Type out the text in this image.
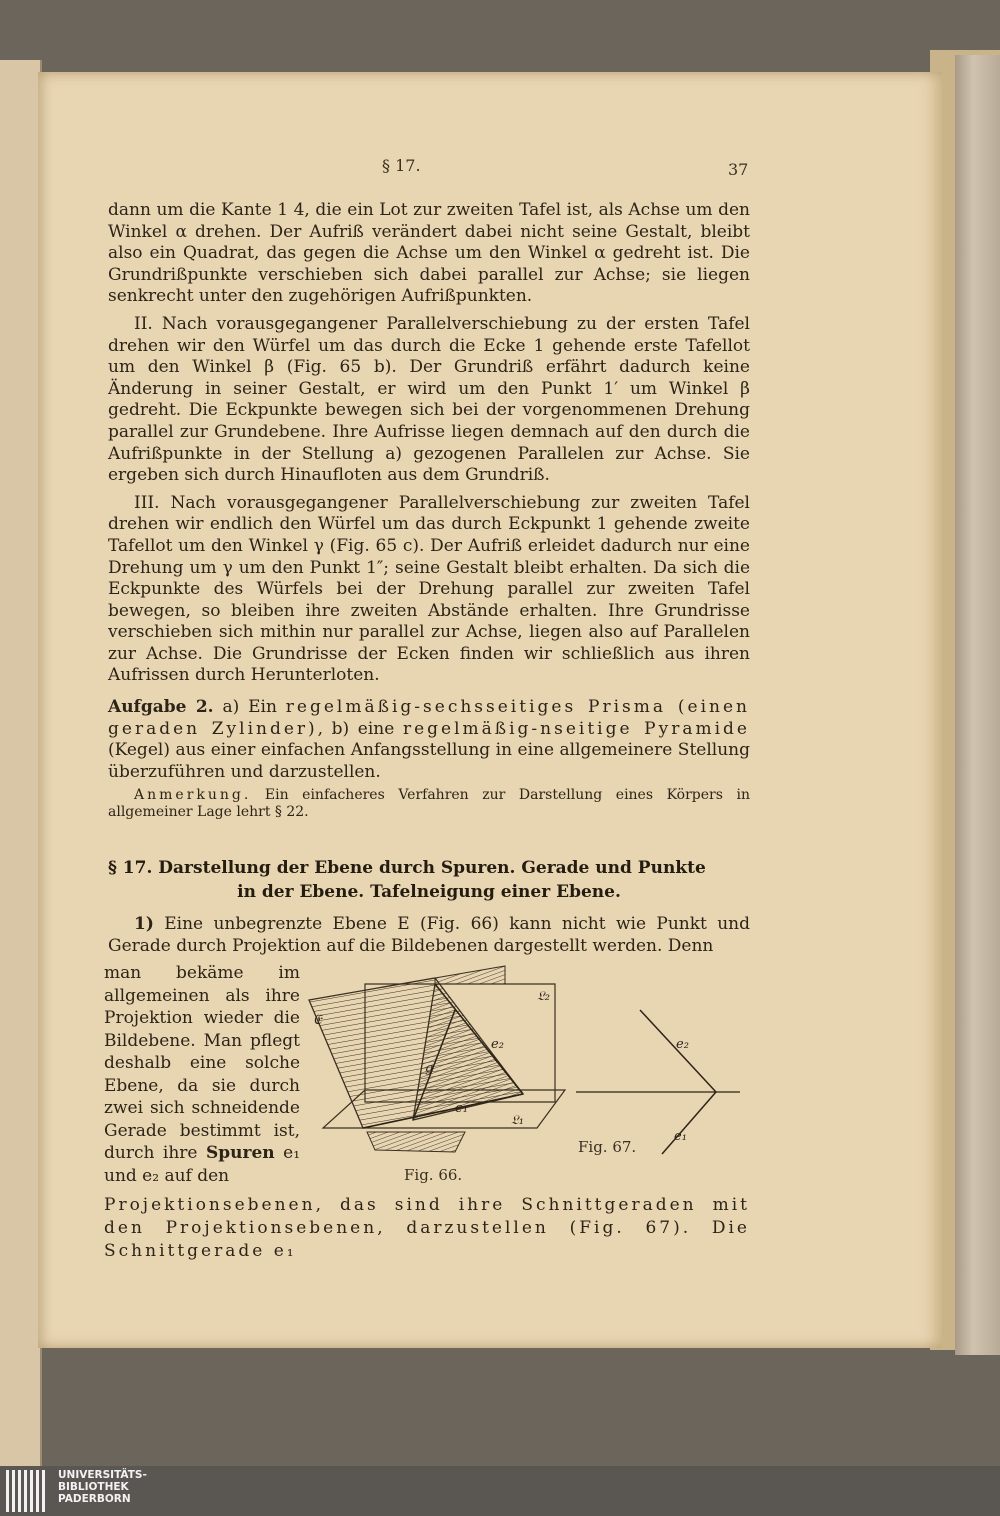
§ 17.	37

dann um die Kante 1 4, die ein Lot zur zweiten Tafel ist, als Achse um den Winkel α drehen. Der Aufriß verändert dabei nicht seine Gestalt, bleibt also ein Quadrat, das gegen die Achse um den Winkel α gedreht ist. Die Grundrißpunkte verschieben sich dabei parallel zur Achse; sie liegen senkrecht unter den zugehörigen Aufrißpunkten.

II. Nach vorausgegangener Parallelverschiebung zu der ersten Tafel drehen wir den Würfel um das durch die Ecke 1 gehende erste Tafellot um den Winkel β (Fig. 65 b). Der Grundriß erfährt dadurch keine Änderung in seiner Gestalt, er wird um den Punkt 1′ um Winkel β gedreht. Die Eckpunkte bewegen sich bei der vorgenommenen Drehung parallel zur Grundebene. Ihre Aufrisse liegen demnach auf den durch die Aufrißpunkte in der Stellung a) gezogenen Parallelen zur Achse. Sie ergeben sich durch Hinaufloten aus dem Grundriß.

III. Nach vorausgegangener Parallelverschiebung zur zweiten Tafel drehen wir endlich den Würfel um das durch Eckpunkt 1 gehende zweite Tafellot um den Winkel γ (Fig. 65 c). Der Aufriß erleidet dadurch nur eine Drehung um γ um den Punkt 1″; seine Gestalt bleibt erhalten. Da sich die Eckpunkte des Würfels bei der Drehung parallel zur zweiten Tafel bewegen, so bleiben ihre zweiten Abstände erhalten. Ihre Grundrisse verschieben sich mithin nur parallel zur Achse, liegen also auf Parallelen zur Achse. Die Grundrisse der Ecken finden wir schließlich aus ihren Aufrissen durch Herunterloten.

Aufgabe 2. a) Ein regelmäßig-sechsseitiges Prisma (einen geraden Zylinder), b) eine regelmäßig-nseitige Pyramide (Kegel) aus einer einfachen Anfangsstellung in eine allgemeinere Stellung überzuführen und darzustellen.

Anmerkung. Ein einfacheres Verfahren zur Darstellung eines Körpers in allgemeiner Lage lehrt § 22.

§ 17. Darstellung der Ebene durch Spuren. Gerade und Punkte
in der Ebene. Tafelneigung einer Ebene.

1) Eine unbegrenzte Ebene E (Fig. 66) kann nicht wie Punkt und Gerade durch Projektion auf die Bildebenen dargestellt werden. Denn

man bekäme im allgemeinen als ihre Projektion wieder die Bildebene. Man pflegt deshalb eine solche Ebene, da sie durch zwei sich schneidende Gerade bestimmt ist, durch ihre Spuren e₁ und e₂ auf den
Projektionsebenen, das sind ihre Schnittgeraden mit den Projektionsebenen, darzustellen (Fig. 67). Die Schnittgerade e₁
𝔈
𝔏₂
𝔏₁
e₂
e₁
g
Fig. 66.
e₂
e₁
Fig. 67.
UNIVERSITÄTS-
BIBLIOTHEK
PADERBORN
